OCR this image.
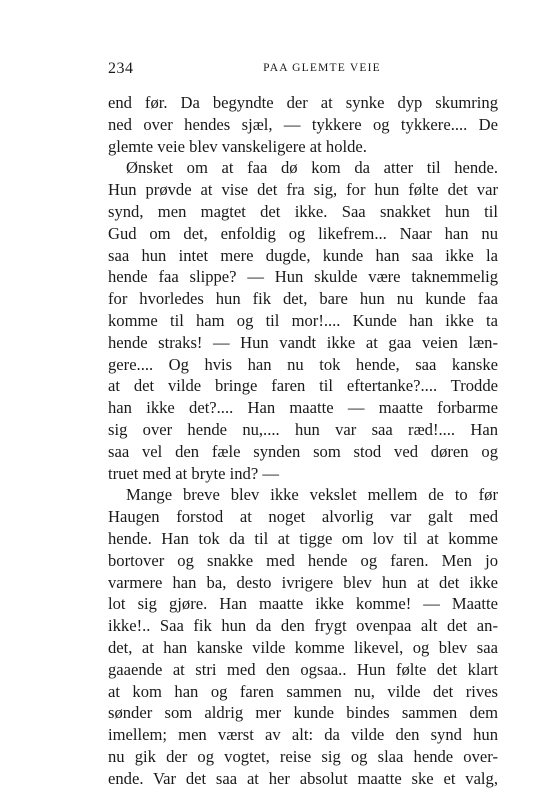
234	PAA GLEMTE VEIE
end før. Da begyndte der at synke dyp skumring
ned over hendes sjæl, — tykkere og tykkere.... De
glemte veie blev vanskeligere at holde.
Ønsket om at faa dø kom da atter til hende.
Hun prøvde at vise det fra sig, for hun følte det var
synd, men magtet det ikke. Saa snakket hun til
Gud om det, enfoldig og likefrem... Naar han nu
saa hun intet mere dugde, kunde han saa ikke la
hende faa slippe? — Hun skulde være taknemmelig
for hvorledes hun fik det, bare hun nu kunde faa
komme til ham og til mor!.... Kunde han ikke ta
hende straks! — Hun vandt ikke at gaa veien læn-
gere.... Og hvis han nu tok hende, saa kanske
at det vilde bringe faren til eftertanke?.... Trodde
han ikke det?.... Han maatte — maatte forbarme
sig over hende nu,.... hun var saa ræd!.... Han
saa vel den fæle synden som stod ved døren og
truet med at bryte ind? —
Mange breve blev ikke vekslet mellem de to før
Haugen forstod at noget alvorlig var galt med
hende. Han tok da til at tigge om lov til at komme
bortover og snakke med hende og faren. Men jo
varmere han ba, desto ivrigere blev hun at det ikke
lot sig gjøre. Han maatte ikke komme! — Maatte
ikke!.. Saa fik hun da den frygt ovenpaa alt det an-
det, at han kanske vilde komme likevel, og blev saa
gaaende at stri med den ogsaa.. Hun følte det klart
at kom han og faren sammen nu, vilde det rives
sønder som aldrig mer kunde bindes sammen dem
imellem; men værst av alt: da vilde den synd hun
nu gik der og vogtet, reise sig og slaa hende over-
ende. Var det saa at her absolut maatte ske et valg,
